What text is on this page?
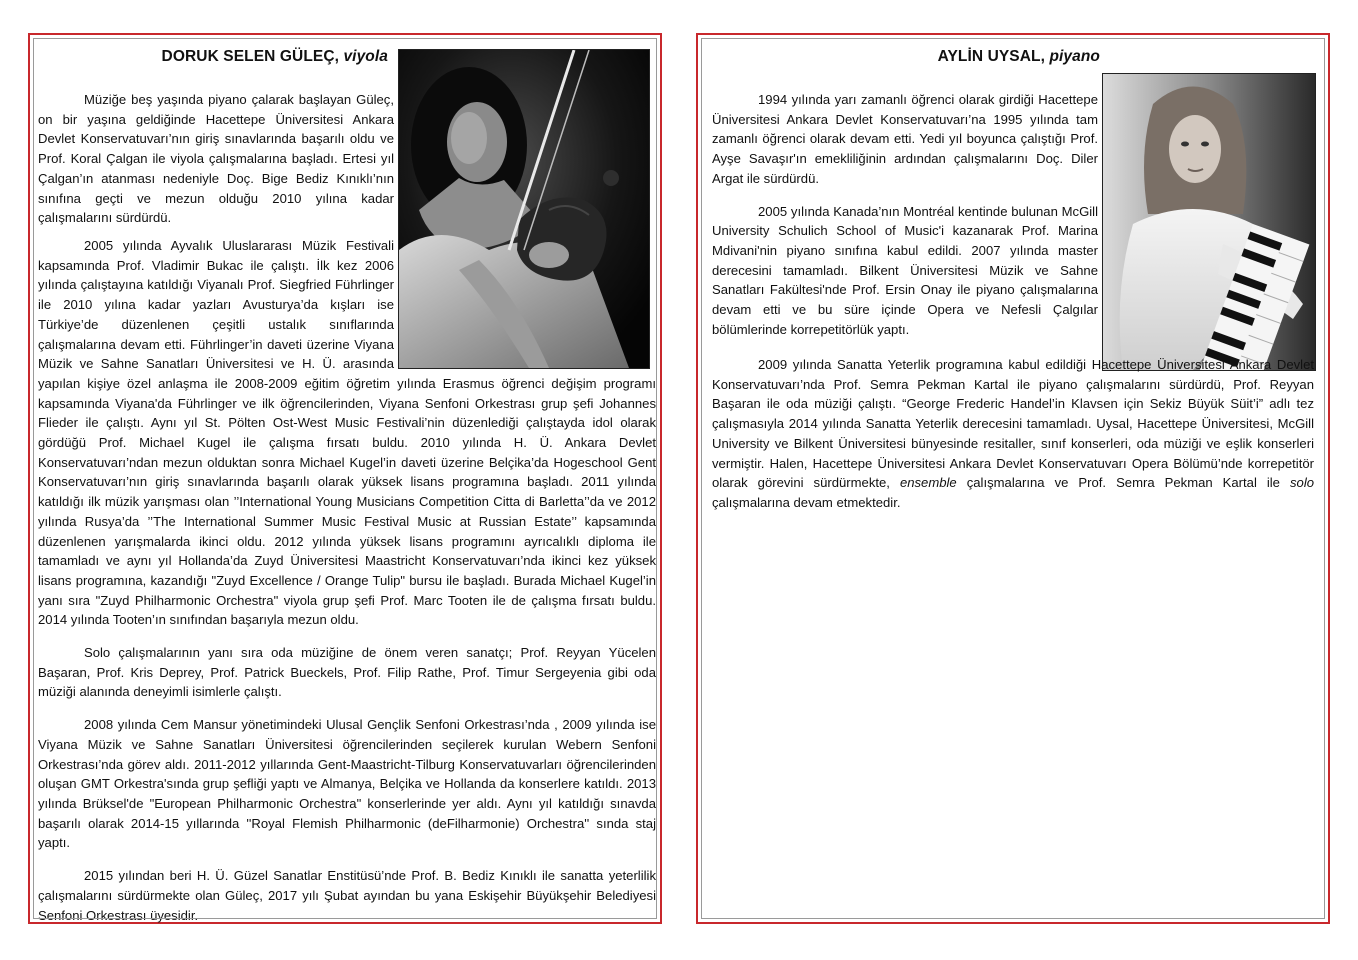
DORUK SELEN GÜLEÇ, viyola

Müziğe beş yaşında piyano çalarak başlayan Güleç, on bir yaşına geldiğinde Hacettepe Üniversitesi Ankara Devlet Konservatuvarı’nın giriş sınavlarında başarılı oldu ve Prof. Koral Çalgan ile viyola çalışmalarına başladı. Ertesi yıl Çalgan’ın atanması nedeniyle Doç. Bige Bediz Kınıklı’nın sınıfına geçti ve mezun olduğu 2010 yılına kadar çalışmalarını sürdürdü.

2005 yılında Ayvalık Uluslararası Müzik Festivali kapsamında Prof. Vladimir Bukac ile çalıştı. İlk kez 2006 yılında çalıştayına katıldığı Viyanalı Prof. Siegfried Führlinger ile 2010 yılına kadar yazları Avusturya’da kışları ise Türkiye’de düzenlenen çeşitli ustalık sınıflarında çalışmalarına devam etti. Führlinger’in daveti üzerine Viyana Müzik ve Sahne Sanatları Üniversitesi ve H. Ü. arasında yapılan kişiye özel anlaşma ile 2008-2009 eğitim öğretim yılında Erasmus öğrenci değişim programı kapsamında Viyana'da Führlinger ve ilk öğrencilerinden, Viyana Senfoni Orkestrası grup şefi Johannes Flieder ile çalıştı. Aynı yıl St. Pölten Ost-West Music Festivali’nin düzenlediği çalıştayda idol olarak gördüğü Prof. Michael Kugel ile çalışma fırsatı buldu. 2010 yılında H. Ü. Ankara Devlet Konservatuvarı’ndan mezun olduktan sonra Michael Kugel’in daveti üzerine Belçika’da Hogeschool Gent Konservatuvarı’nın giriş sınavlarında başarılı olarak yüksek lisans programına başladı. 2011 yılında katıldığı ilk müzik yarışması olan ’’International Young Musicians Competition Citta di Barletta’’da ve 2012 yılında Rusya’da ’’The International Summer Music Festival Music at Russian Estate’’ kapsamında düzenlenen yarışmalarda ikinci oldu. 2012 yılında yüksek lisans programını ayrıcalıklı diploma ile tamamladı ve aynı yıl Hollanda’da Zuyd Üniversitesi Maastricht Konservatuvarı’nda ikinci kez yüksek lisans programına, kazandığı "Zuyd Excellence / Orange Tulip" bursu ile başladı. Burada Michael Kugel’in yanı sıra "Zuyd Philharmonic Orchestra" viyola grup şefi Prof. Marc Tooten ile de çalışma fırsatı buldu. 2014 yılında Tooten’ın sınıfından başarıyla mezun oldu.

Solo çalışmalarının yanı sıra oda müziğine de önem veren sanatçı; Prof. Reyyan Yücelen Başaran, Prof. Kris Deprey, Prof. Patrick Bueckels, Prof. Filip Rathe, Prof. Timur Sergeyenia gibi oda müziği alanında deneyimli isimlerle çalıştı.

2008 yılında Cem Mansur yönetimindeki Ulusal Gençlik Senfoni Orkestrası’nda , 2009 yılında ise Viyana Müzik ve Sahne Sanatları Üniversitesi öğrencilerinden seçilerek kurulan Webern Senfoni Orkestrası’nda görev aldı. 2011-2012 yıllarında Gent-Maastricht-Tilburg Konservatuvarları öğrencilerinden oluşan GMT Orkestra'sında grup şefliği yaptı ve Almanya, Belçika ve Hollanda da konserlere katıldı. 2013 yılında Brüksel'de "European Philharmonic Orchestra" konserlerinde yer aldı. Aynı yıl katıldığı sınavda başarılı olarak 2014-15 yıllarında ''Royal Flemish Philharmonic (deFilharmonie) Orchestra'' sında staj yaptı.

2015 yılından beri H. Ü. Güzel Sanatlar Enstitüsü’nde Prof. B. Bediz Kınıklı ile sanatta yeterlilik çalışmalarını sürdürmekte olan Güleç, 2017 yılı Şubat ayından bu yana Eskişehir Büyükşehir Belediyesi Senfoni Orkestrası üyesidir.

AYLİN UYSAL, piyano

1994 yılında yarı zamanlı öğrenci olarak girdiği Hacettepe Üniversitesi Ankara Devlet Konservatuvarı’na 1995 yılında tam zamanlı öğrenci olarak devam etti. Yedi yıl boyunca çalıştığı Prof. Ayşe Savaşır'ın emekliliğinin ardından çalışmalarını Doç. Diler Argat ile sürdürdü.

2005 yılında Kanada’nın Montréal kentinde bulunan McGill University Schulich School of Music'i kazanarak Prof. Marina Mdivani'nin piyano sınıfına kabul edildi. 2007 yılında master derecesini tamamladı. Bilkent Üniversitesi Müzik ve Sahne Sanatları Fakültesi'nde Prof. Ersin Onay ile piyano çalışmalarına devam etti ve bu süre içinde Opera ve Nefesli Çalgılar bölümlerinde korrepetitörlük yaptı.

2009 yılında Sanatta Yeterlik programına kabul edildiği Hacettepe Üniversitesi Ankara Devlet Konservatuvarı’nda Prof. Semra Pekman Kartal ile piyano çalışmalarını sürdürdü, Prof. Reyyan Başaran ile oda müziği çalıştı. “George Frederic Handel’in Klavsen için Sekiz Büyük Süit’i” adlı tez çalışmasıyla 2014 yılında Sanatta Yeterlik derecesini tamamladı. Uysal, Hacettepe Üniversitesi, McGill University ve Bilkent Üniversitesi bünyesinde resitaller, sınıf konserleri, oda müziği ve eşlik konserleri vermiştir. Halen, Hacettepe Üniversitesi Ankara Devlet Konservatuvarı Opera Bölümü’nde korrepetitör olarak görevini sürdürmekte, ensemble çalışmalarına ve Prof. Semra Pekman Kartal ile solo çalışmalarına devam etmektedir.
